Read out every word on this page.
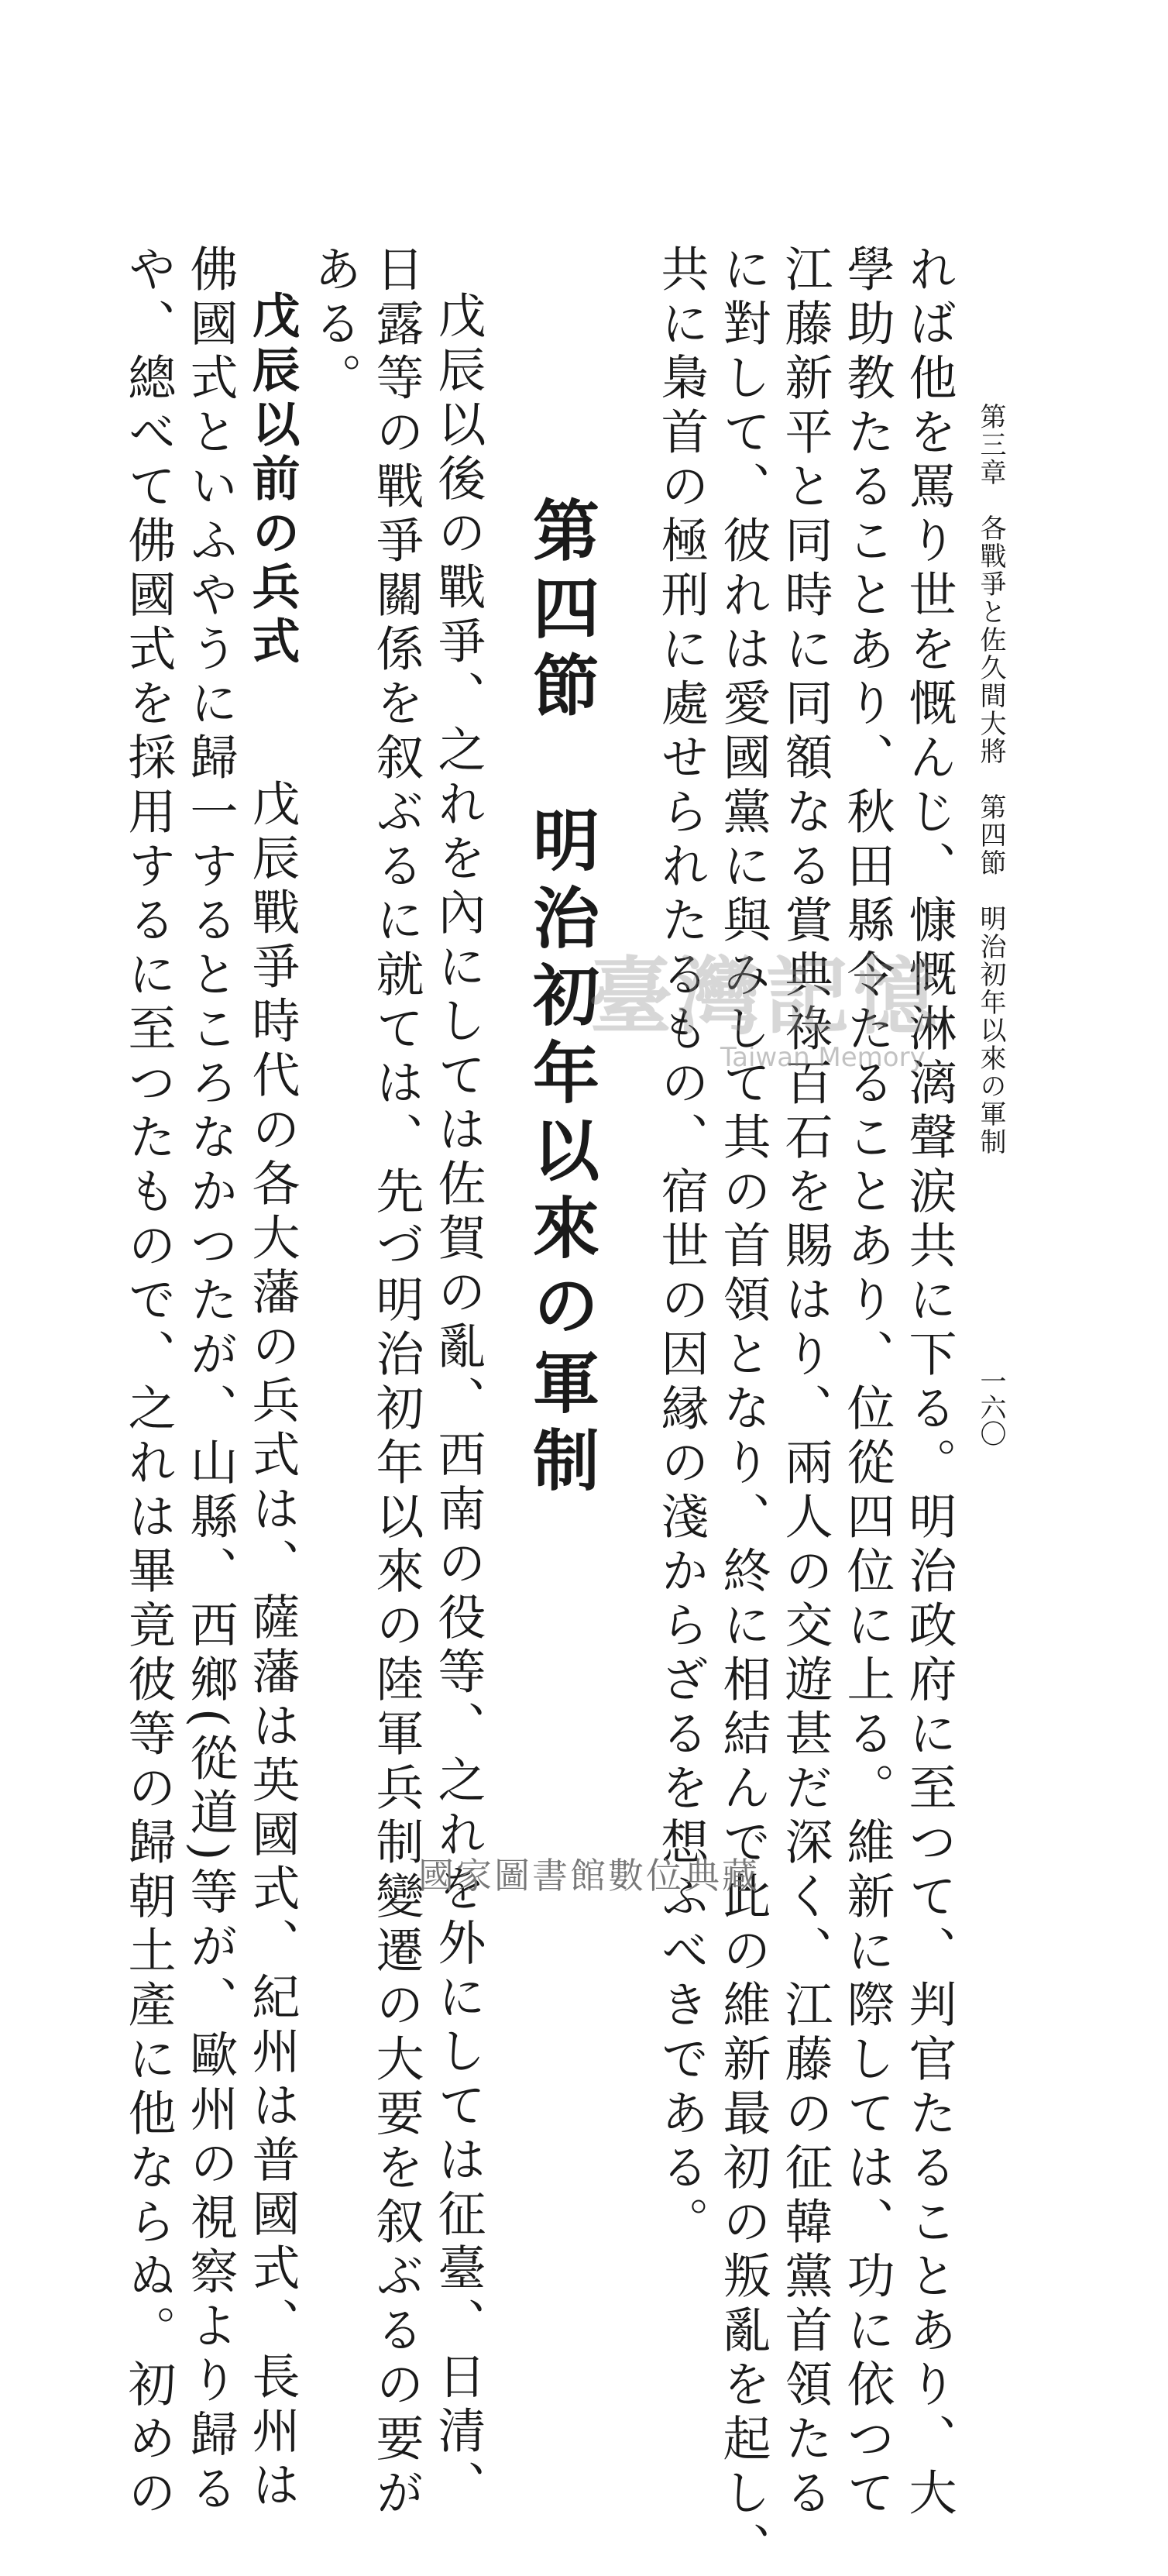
第三章　各戰爭と佐久間大將　第四節　明治初年以來の軍制
一六〇
れば他を罵り世を慨んじ、慷慨淋漓聲涙共に下る。明治政府に至つて、判官たることあり、大
學助教たることあり、秋田縣令たることあり、位從四位に上る。維新に際しては、功に依つて
江藤新平と同時に同額なる賞典祿百石を賜はり、兩人の交遊甚だ深く、江藤の征韓黨首領たる
に對して、彼れは愛國黨に與みして其の首領となり、終に相結んで此の維新最初の叛亂を起し、
共に梟首の極刑に處せられたるもの、宿世の因縁の淺からざるを想ふべきである。
第四節　明治初年以來の軍制
戊辰以後の戰爭、之れを內にしては佐賀の亂、西南の役等、之れを外にしては征臺、日清、
日露等の戰爭關係を叙ぶるに就ては、先づ明治初年以來の陸軍兵制變遷の大要を叙ぶるの要が
ある。
戊辰以前の兵式　　戊辰戰爭時代の各大藩の兵式は、薩藩は英國式、紀州は普國式、長州は
佛國式といふやうに歸一するところなかつたが、山縣、西鄉(從道)等が、歐州の視察より歸る
や、總べて佛國式を採用するに至つたもので、之れは畢竟彼等の歸朝土產に他ならぬ。初めの	臺灣記憶
Taiwan Memory
國家圖書館數位典藏
